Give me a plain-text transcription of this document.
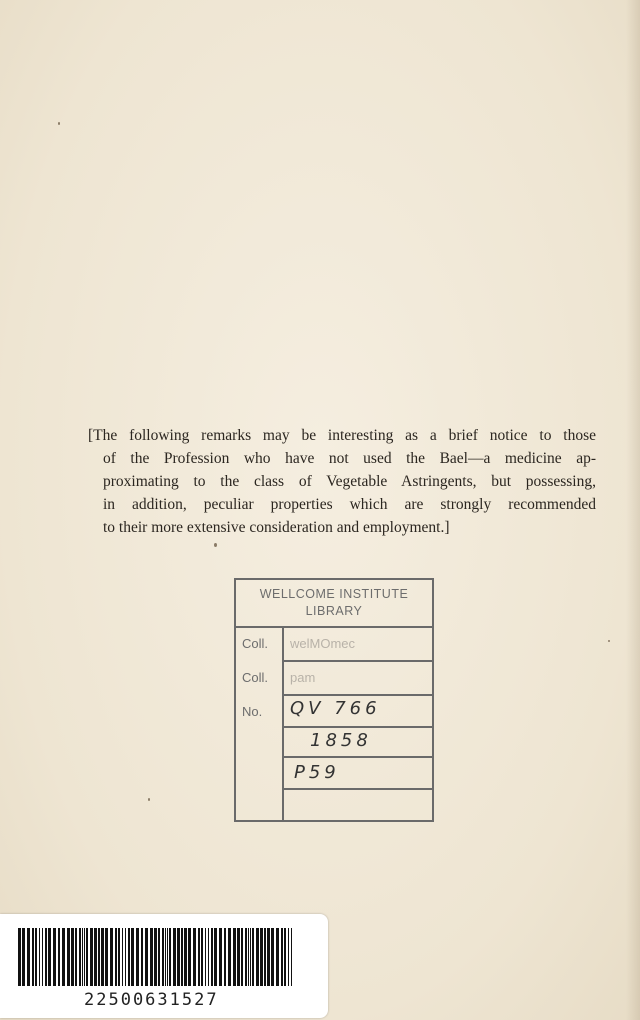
[The following remarks may be interesting as a brief notice to those
of the Profession who have not used the Bael—a medicine ap-
proximating to the class of Vegetable Astringents, but possessing,
in addition, peculiar properties which are strongly recommended
to their more extensive consideration and employment.]
WELLCOME INSTITUTE
LIBRARY
Coll. welMOmec
Coll. pam
No. QV 766
1858
P59
22500631527
